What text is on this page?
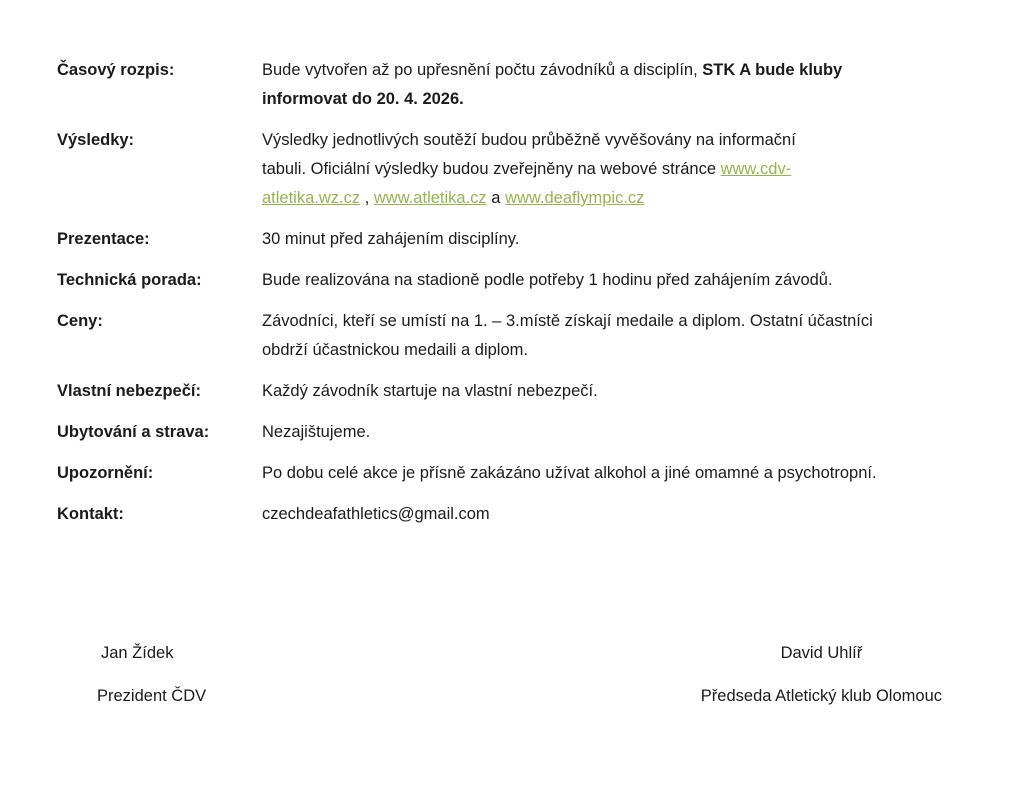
Časový rozpis:	Bude vytvořen až po upřesnění počtu závodníků a disciplín, STK A bude kluby
informovat do 20. 4. 2026.
Výsledky:	Výsledky jednotlivých soutěží budou průběžně vyvěšovány na informační
tabuli. Oficiální výsledky budou zveřejněny na webové stránce www.cdv-
atletika.wz.cz , www.atletika.cz a www.deaflympic.cz
Prezentace:	30 minut před zahájením disciplíny.
Technická porada:	Bude realizována na stadioně podle potřeby 1 hodinu před zahájením závodů.
Ceny:	Závodníci, kteří se umístí na 1. – 3.místě získají medaile a diplom. Ostatní účastníci
obdrží účastnickou medaili a diplom.
Vlastní nebezpečí:	Každý závodník startuje na vlastní nebezpečí.
Ubytování a strava:	Nezajištujeme.
Upozornění:	Po dobu celé akce je přísně zakázáno užívat alkohol a jiné omamné a psychotropní.
Kontakt:	czechdeafathletics@gmail.com
Jan Žídek
Prezident ČDV
David Uhlíř
Předseda Atletický klub Olomouc
